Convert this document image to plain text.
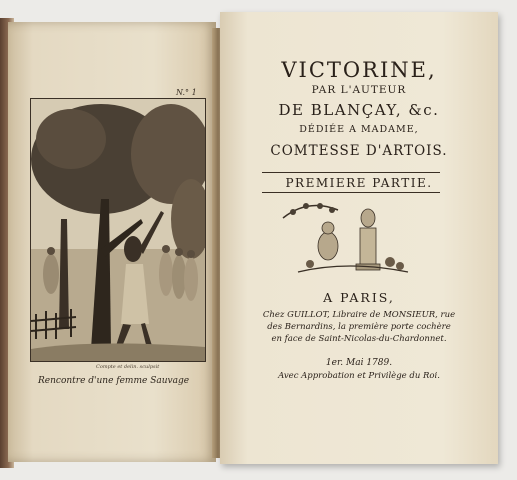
N.° 1
Compte et delin. sculpsit
Rencontre d'une femme Sauvage
VICTORINE,
PAR L'AUTEUR
DE BLANÇAY, &c.
DÉDIÉE A MADAME,
COMTESSE D'ARTOIS.
PREMIERE PARTIE.
A PARIS,
Chez GUILLOT, Libraire de MONSIEUR, rue
des Bernardins, la première porte cochère
en face de Saint-Nicolas-du-Chardonnet.
1er. Mai 1789.
Avec Approbation et Privilège du Roi.
